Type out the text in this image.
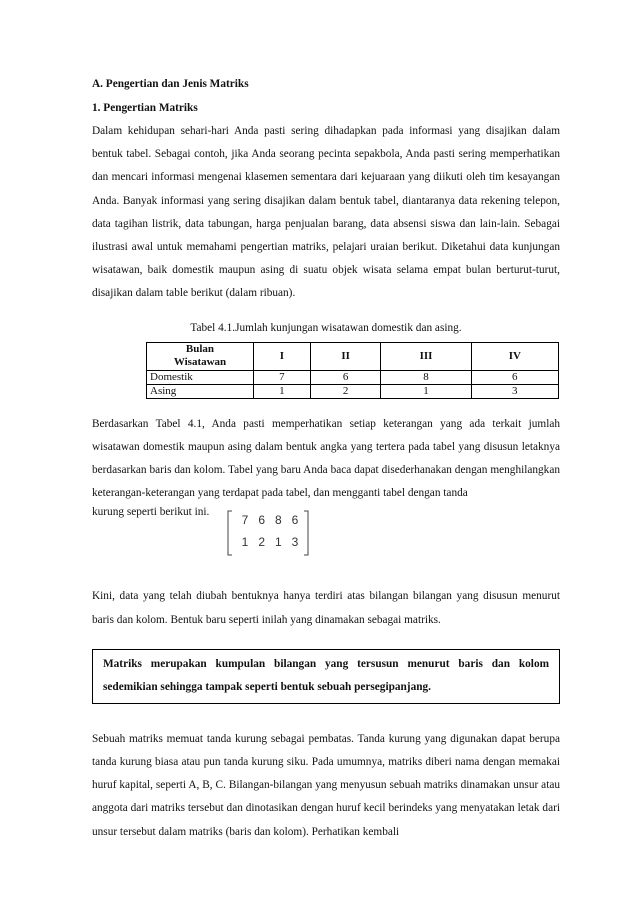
A. Pengertian dan Jenis Matriks

1. Pengertian Matriks

Dalam kehidupan sehari-hari Anda pasti sering dihadapkan pada informasi yang disajikan dalam bentuk tabel. Sebagai contoh, jika Anda seorang pecinta sepakbola, Anda pasti sering memperhatikan dan mencari informasi mengenai klasemen sementara dari kejuaraan yang diikuti oleh tim kesayangan Anda. Banyak informasi yang sering disajikan dalam bentuk tabel, diantaranya data rekening telepon, data tagihan listrik, data tabungan, harga penjualan barang, data absensi siswa dan lain-lain. Sebagai ilustrasi awal untuk memahami pengertian matriks, pelajari uraian berikut. Diketahui data kunjungan wisatawan, baik domestik maupun asing di suatu objek wisata selama empat bulan berturut-turut, disajikan dalam table berikut (dalam ribuan).

Tabel 4.1.Jumlah kunjungan wisatawan domestik dan asing.

Bulan
Wisatawan	I	II	III	IV
Domestik	7	6	8	6
Asing	1	2	1	3

Berdasarkan Tabel 4.1, Anda pasti memperhatikan setiap keterangan yang ada terkait jumlah wisatawan domestik maupun asing dalam bentuk angka yang tertera pada tabel yang disusun letaknya berdasarkan baris dan kolom. Tabel yang baru Anda baca dapat disederhanakan dengan menghilangkan keterangan-keterangan yang terdapat pada tabel, dan mengganti tabel dengan tanda

kurung seperti berikut ini.

7 6 8 6
1 2 1 3

Kini, data yang telah diubah bentuknya hanya terdiri atas bilangan bilangan yang disusun menurut baris dan kolom. Bentuk baru seperti inilah yang dinamakan sebagai matriks.

Matriks merupakan kumpulan bilangan yang tersusun menurut baris dan kolom sedemikian sehingga tampak seperti bentuk sebuah persegipanjang.

Sebuah matriks memuat tanda kurung sebagai pembatas. Tanda kurung yang digunakan dapat berupa tanda kurung biasa atau pun tanda kurung siku. Pada umumnya, matriks diberi nama dengan memakai huruf kapital, seperti A, B, C. Bilangan-bilangan yang menyusun sebuah matriks dinamakan unsur atau anggota dari matriks tersebut dan dinotasikan dengan huruf kecil berindeks yang menyatakan letak dari unsur tersebut dalam matriks (baris dan kolom). Perhatikan kembali
